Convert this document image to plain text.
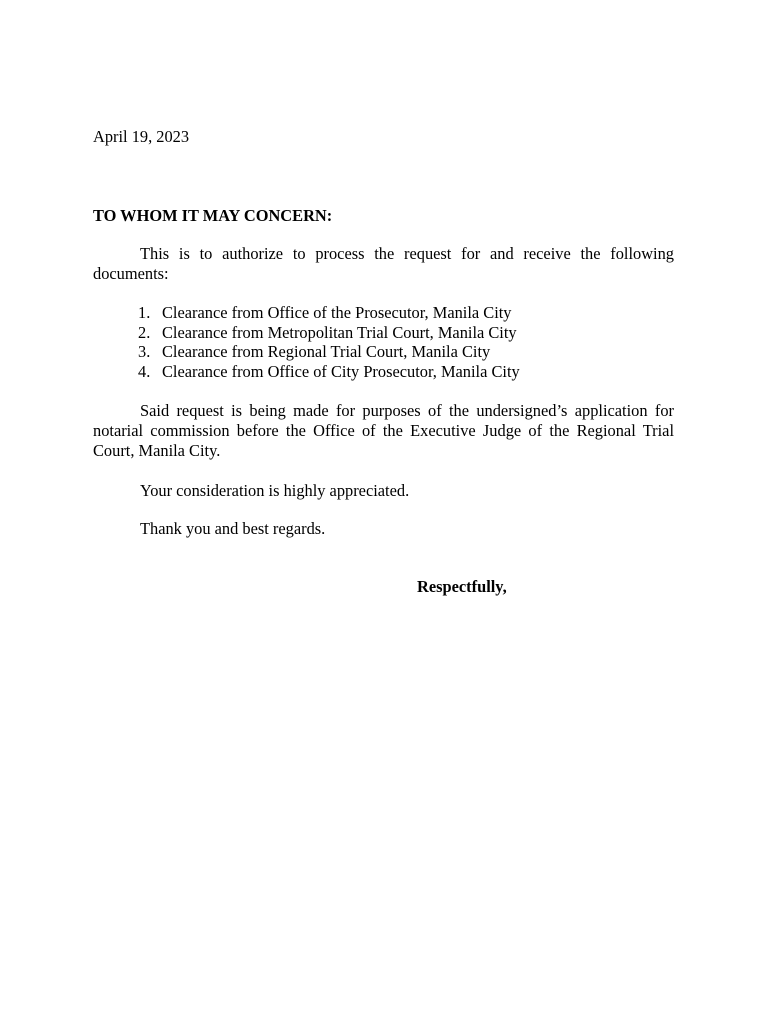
April 19, 2023
TO WHOM IT MAY CONCERN:

This is to authorize to process the request for and receive the following documents:

1. Clearance from Office of the Prosecutor, Manila City
2. Clearance from Metropolitan Trial Court, Manila City
3. Clearance from Regional Trial Court, Manila City
4. Clearance from Office of City Prosecutor, Manila City

Said request is being made for purposes of the undersigned’s application for notarial commission before the Office of the Executive Judge of the Regional Trial Court, Manila City.

Your consideration is highly appreciated.

Thank you and best regards.

Respectfully,
